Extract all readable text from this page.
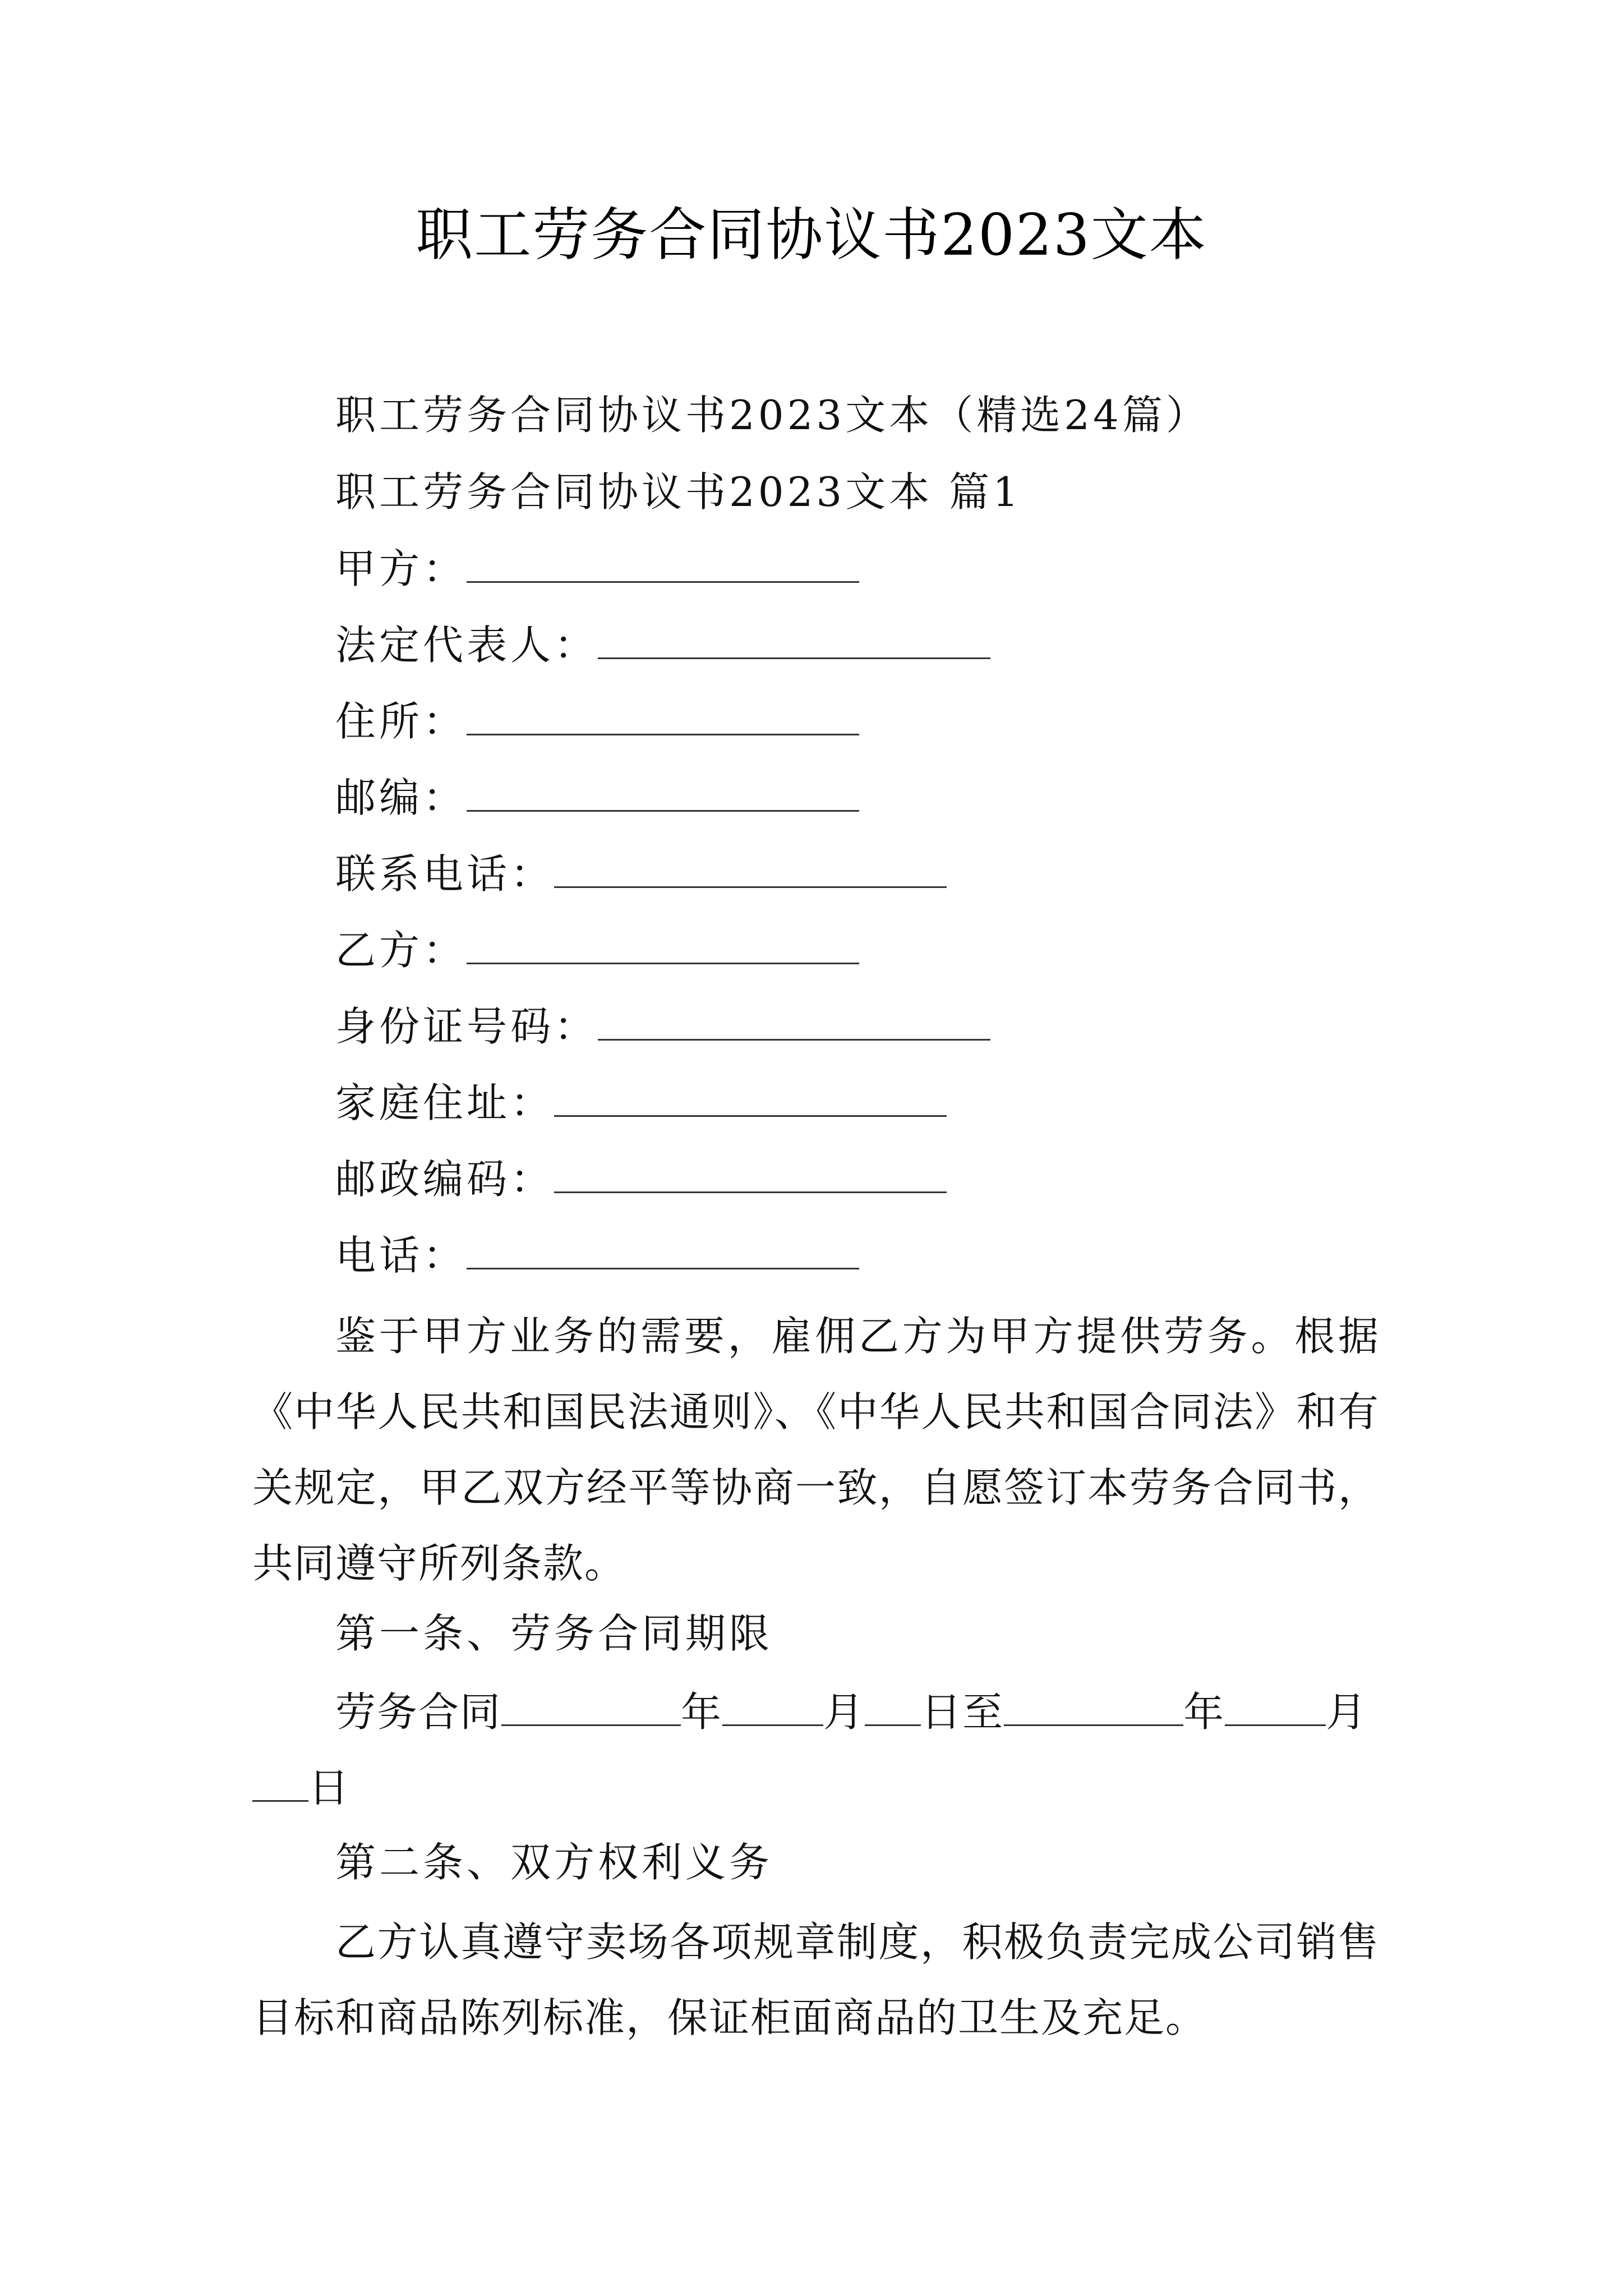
职工劳务合同协议书2023文本
职工劳务合同协议书2023文本（精选24篇）
职工劳务合同协议书2023文本 篇1
甲方：
法定代表人：
住所：
邮编：
联系电话：
乙方：
身份证号码：
家庭住址：
邮政编码：
电话：
鉴于甲方业务的需要，雇佣乙方为甲方提供劳务。根据《中华人民共和国民法通则》、《中华人民共和国合同法》和有关规定，甲乙双方经平等协商一致，自愿签订本劳务合同书，共同遵守所列条款。
第一条、劳务合同期限
劳务合同	年	月 日至	年	月日
第二条、双方权利义务
乙方认真遵守卖场各项规章制度，积极负责完成公司销售目标和商品陈列标准，保证柜面商品的卫生及充足。
